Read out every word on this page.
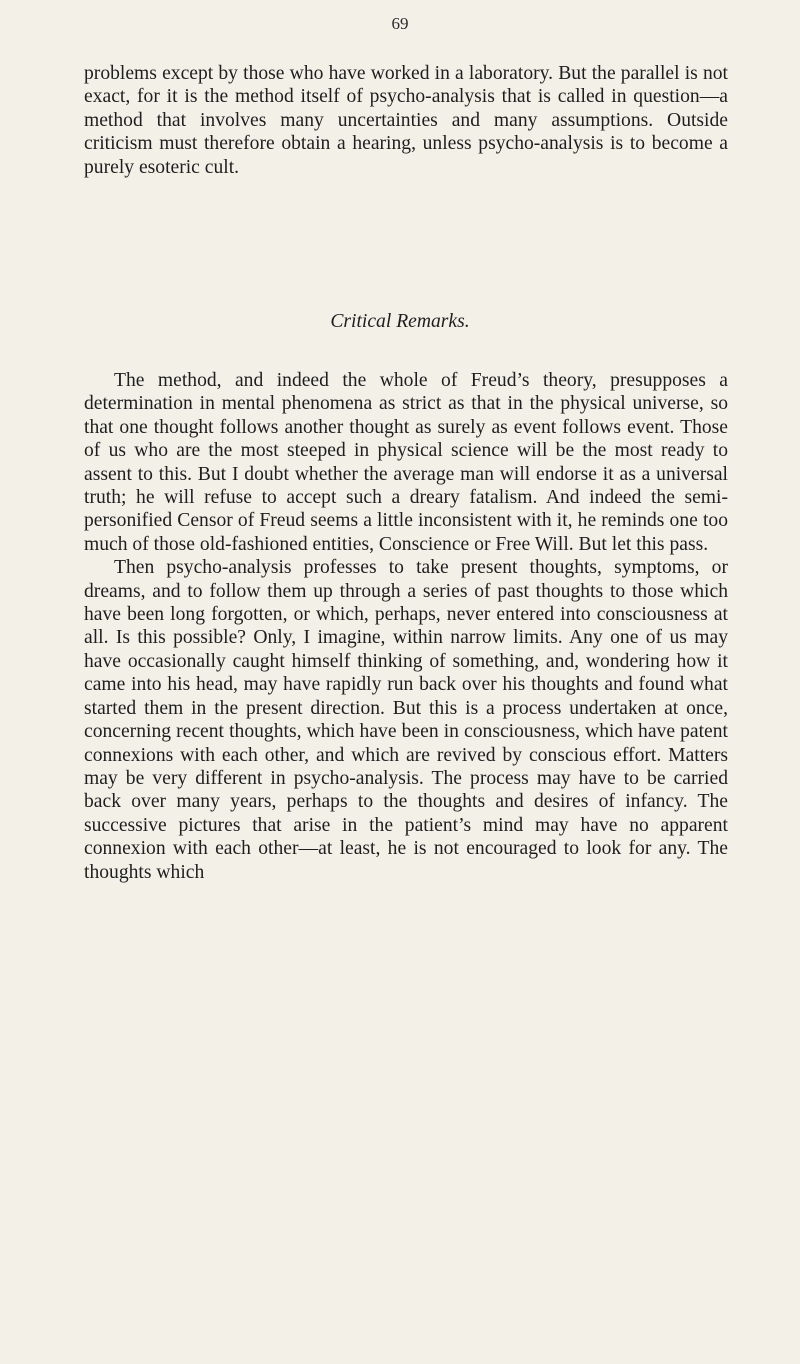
69

problems except by those who have worked in a laboratory. But the parallel is not exact, for it is the method itself of psycho-analysis that is called in question—a method that involves many uncertainties and many assumptions. Outside criticism must therefore obtain a hearing, unless psycho-analysis is to become a purely esoteric cult.

Critical Remarks.

The method, and indeed the whole of Freud’s theory, presupposes a determination in mental phenomena as strict as that in the physical universe, so that one thought follows another thought as surely as event follows event. Those of us who are the most steeped in physical science will be the most ready to assent to this. But I doubt whether the average man will endorse it as a universal truth; he will refuse to accept such a dreary fatalism. And indeed the semi-personified Censor of Freud seems a little inconsistent with it, he reminds one too much of those old-fashioned entities, Conscience or Free Will. But let this pass.

Then psycho-analysis professes to take present thoughts, symptoms, or dreams, and to follow them up through a series of past thoughts to those which have been long forgotten, or which, perhaps, never entered into consciousness at all. Is this possible? Only, I imagine, within narrow limits. Any one of us may have occasionally caught himself thinking of something, and, wondering how it came into his head, may have rapidly run back over his thoughts and found what started them in the present direction. But this is a process undertaken at once, concerning recent thoughts, which have been in consciousness, which have patent connexions with each other, and which are revived by conscious effort. Matters may be very different in psycho-analysis. The process may have to be carried back over many years, perhaps to the thoughts and desires of infancy. The successive pictures that arise in the patient’s mind may have no apparent connexion with each other—at least, he is not encouraged to look for any. The thoughts which
